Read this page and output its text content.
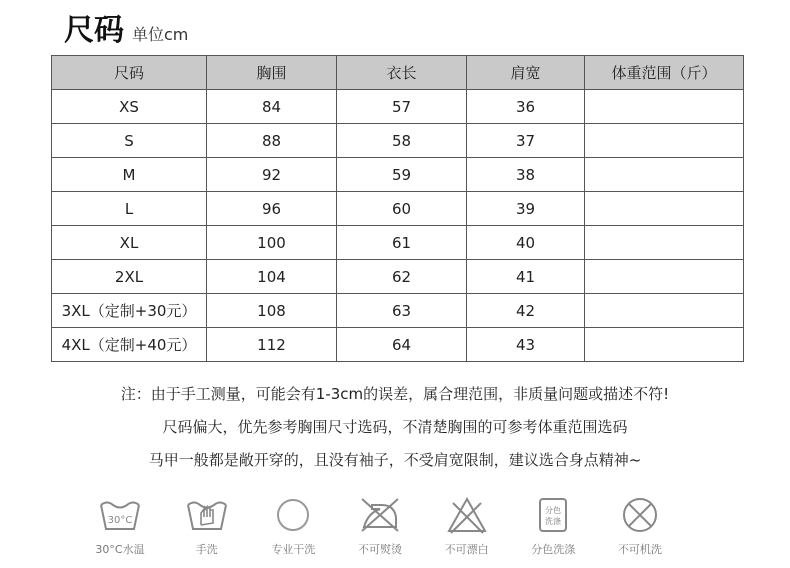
尺码 单位cm
尺码	胸围	衣长	肩宽	体重范围（斤）
XS	84	57	36	
S	88	58	37	
M	92	59	38	
L	96	60	39	
XL	100	61	40	
2XL	104	62	41	
3XL（定制+30元）	108	63	42	
4XL（定制+40元）	112	64	43	
注：由于手工测量，可能会有1-3cm的误差，属合理范围，非质量问题或描述不符!
尺码偏大，优先参考胸围尺寸选码，不清楚胸围的可参考体重范围选码
马甲一般都是敞开穿的，且没有袖子，不受肩宽限制，建议选合身点精神~
30°C
30°C水温	手洗	专业干洗	不可熨烫	不可漂白
分色
洗涤
分色洗涤	不可机洗
